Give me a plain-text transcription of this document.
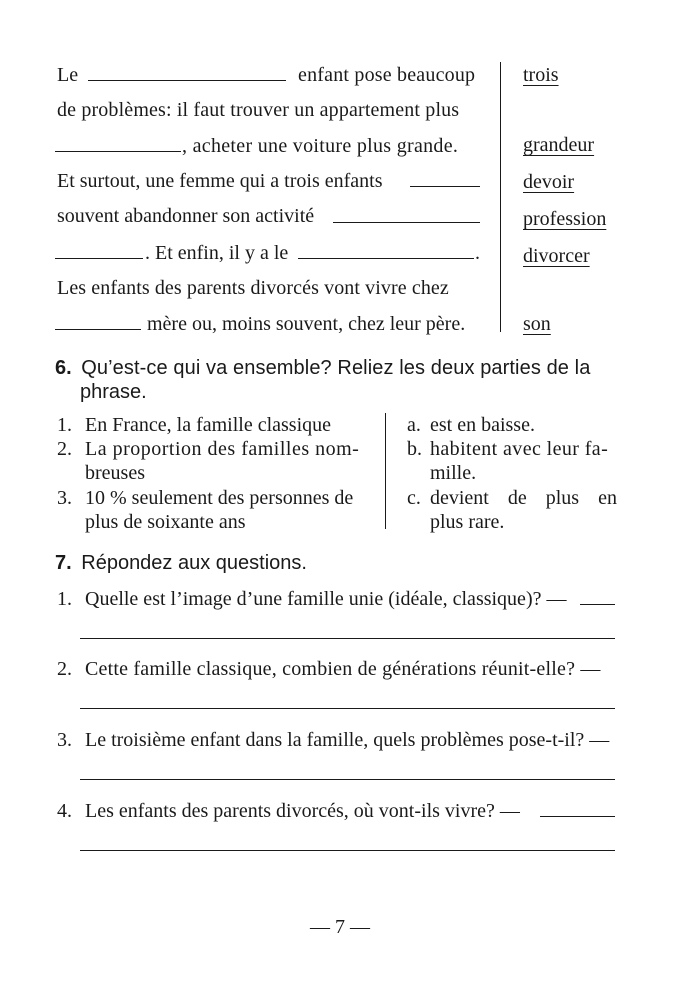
Le	enfant pose beaucoup
de problèmes: il faut trouver un appartement plus
, acheter une voiture plus grande.
Et surtout, une femme qui a trois enfants
souvent abandonner son activité
. Et enfin, il y a le	.
Les enfants des parents divorcés vont vivre chez
mère ou, moins souvent, chez leur père.
trois
grandeur
devoir
profession
divorcer
son
6. Qu’est-ce qui va ensemble? Reliez les deux parties de la
phrase.
1. En France, la famille classique
2. La proportion des familles nom-
breuses
3. 10 % seulement des personnes de
plus de soixante ans
a. est en baisse.
b. habitent avec leur fa-
mille.
c. devient de plus en
plus rare.
7. Répondez aux questions.
1. Quelle est l’image d’une famille unie (idéale, classique)? —
2. Cette famille classique, combien de générations réunit-elle? —
3. Le troisième enfant dans la famille, quels problèmes pose-t-il? —
4. Les enfants des parents divorcés, où vont-ils vivre? —
— 7 —
